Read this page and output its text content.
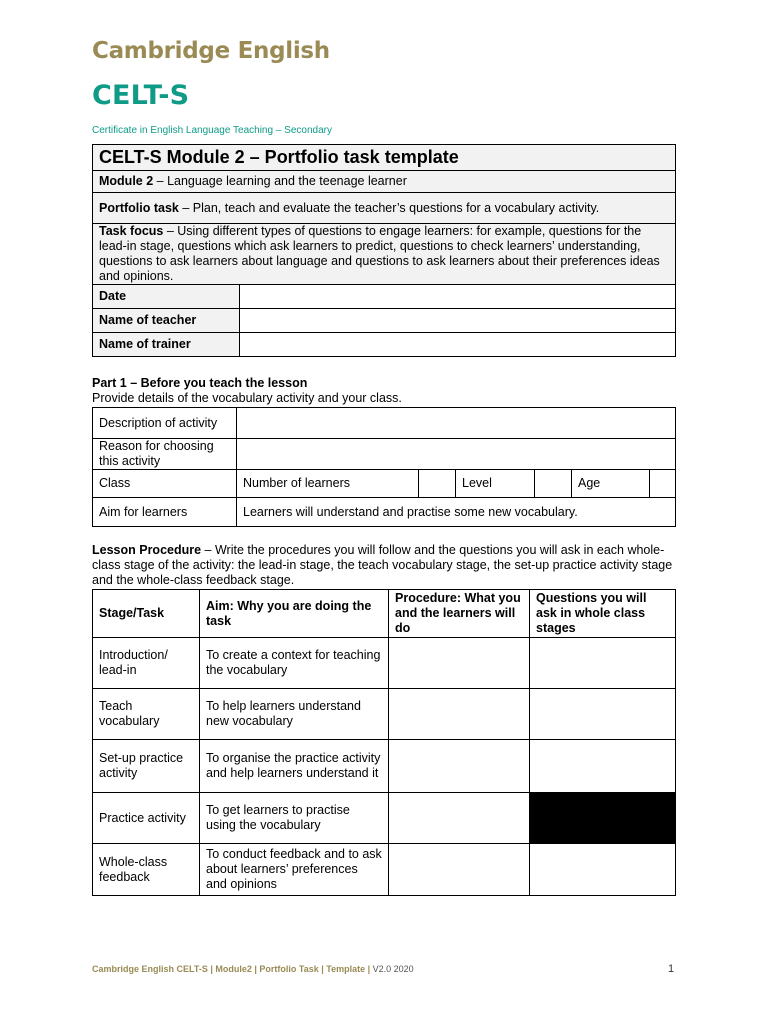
Cambridge English
CELT-S
Certificate in English Language Teaching – Secondary
CELT-S Module 2 – Portfolio task template	
Module 2 – Language learning and the teenage learner	
Portfolio task – Plan, teach and evaluate the teacher’s questions for a vocabulary activity.	
Task focus – Using different types of questions to engage learners: for example, questions for the lead-in stage, questions which ask learners to predict, questions to check learners’ understanding, questions to ask learners about language and questions to ask learners about their preferences ideas and opinions.	
Date	
Name of teacher	
Name of trainer	
Part 1 – Before you teach the lesson
Provide details of the vocabulary activity and your class.
Description of activity						
Reason for choosing this activity						
Class	Number of learners		Level		Age	
Aim for learners	Learners will understand and practise some new vocabulary.					
Lesson Procedure – Write the procedures you will follow and the questions you will ask in each whole-class stage of the activity: the lead-in stage, the teach vocabulary stage, the set-up practice activity stage and the whole-class feedback stage.
Stage/Task	Aim: Why you are doing the task	Procedure: What you and the learners will do	Questions you will ask in whole class stages
Introduction/ lead-in	To create a context for teaching the vocabulary		
Teach vocabulary	To help learners understand new vocabulary		
Set-up practice activity	To organise the practice activity and help learners understand it		
Practice activity	To get learners to practise using the vocabulary		
Whole-class feedback	To conduct feedback and to ask about learners’ preferences and opinions		
Cambridge English CELT-S | Module2 | Portfolio Task | Template | V2.0 2020	1
